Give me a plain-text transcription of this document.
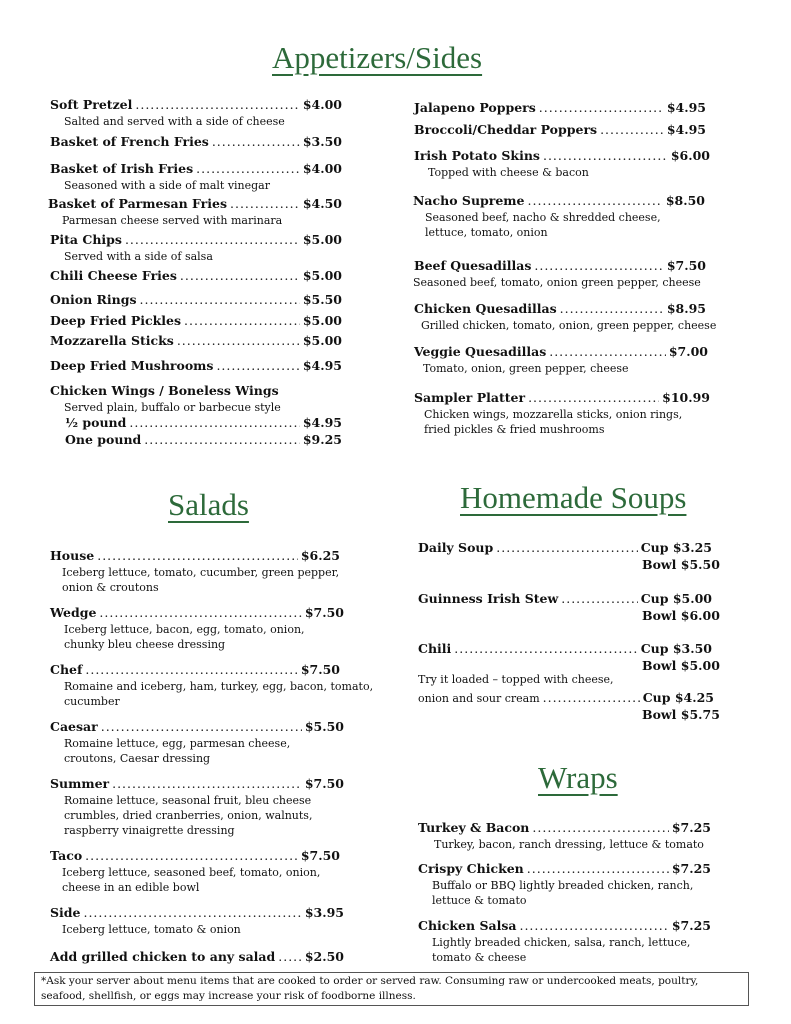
Appetizers/Sides
Salads	Homemade Soups
Wraps
Soft Pretzel .....	$4.00
Salted and served with a side of cheese
Basket of French Fries .....	$3.50
Basket of Irish Fries .....	$4.00
Seasoned with a side of malt vinegar
Basket of Parmesan Fries .....	$4.50
Parmesan cheese served with marinara
Pita Chips .....	$5.00
Served with a side of salsa
Chili Cheese Fries .....	$5.00
Onion Rings .....	$5.50
Deep Fried Pickles .....	$5.00
Mozzarella Sticks .....	$5.00
Deep Fried Mushrooms .....	$4.95
Chicken Wings / Boneless Wings
Served plain, buffalo or barbecue style
½ pound .....	$4.95
One pound .....	$9.25
Jalapeno Poppers .....	$4.95
Broccoli/Cheddar Poppers .....	$4.95
Irish Potato Skins .....	$6.00
Topped with cheese & bacon
Nacho Supreme .....	$8.50
Seasoned beef, nacho & shredded cheese,
lettuce, tomato, onion
Beef Quesadillas .....	$7.50
Seasoned beef, tomato, onion green pepper, cheese
Chicken Quesadillas .....	$8.95
Grilled chicken, tomato, onion, green pepper, cheese
Veggie Quesadillas .....	$7.00
Tomato, onion, green pepper, cheese
Sampler Platter .....	$10.99
Chicken wings, mozzarella sticks, onion rings,
fried pickles & fried mushrooms
House .....	$6.25
Iceberg lettuce, tomato, cucumber, green pepper,
onion & croutons
Wedge .....	$7.50
Iceberg lettuce, bacon, egg, tomato, onion,
chunky bleu cheese dressing
Chef .....	$7.50
Romaine and iceberg, ham, turkey, egg, bacon, tomato,
cucumber
Caesar .....	$5.50
Romaine lettuce, egg, parmesan cheese,
croutons, Caesar dressing
Summer .....	$7.50
Romaine lettuce, seasonal fruit, bleu cheese
crumbles, dried cranberries, onion, walnuts,
raspberry vinaigrette dressing
Taco .....	$7.50
Iceberg lettuce, seasoned beef, tomato, onion,
cheese in an edible bowl
Side .....	$3.95
Iceberg lettuce, tomato & onion
Add grilled chicken to any salad ..... $2.50
Daily Soup .....	Cup $3.25
Bowl $5.50
Guinness Irish Stew .....	Cup $5.00
Bowl $6.00
Chili .....	Cup $3.50
Bowl $5.00
Try it loaded – topped with cheese,
onion and sour cream .....	Cup $4.25
Bowl $5.75
Turkey & Bacon .....	$7.25
Turkey, bacon, ranch dressing, lettuce & tomato
Crispy Chicken .....	$7.25
Buffalo or BBQ lightly breaded chicken, ranch,
lettuce & tomato
Chicken Salsa .....	$7.25
Lightly breaded chicken, salsa, ranch, lettuce,
tomato & cheese
*Ask your server about menu items that are cooked to order or served raw. Consuming raw or undercooked meats, poultry, seafood, shellfish, or eggs may increase your risk of foodborne illness.
